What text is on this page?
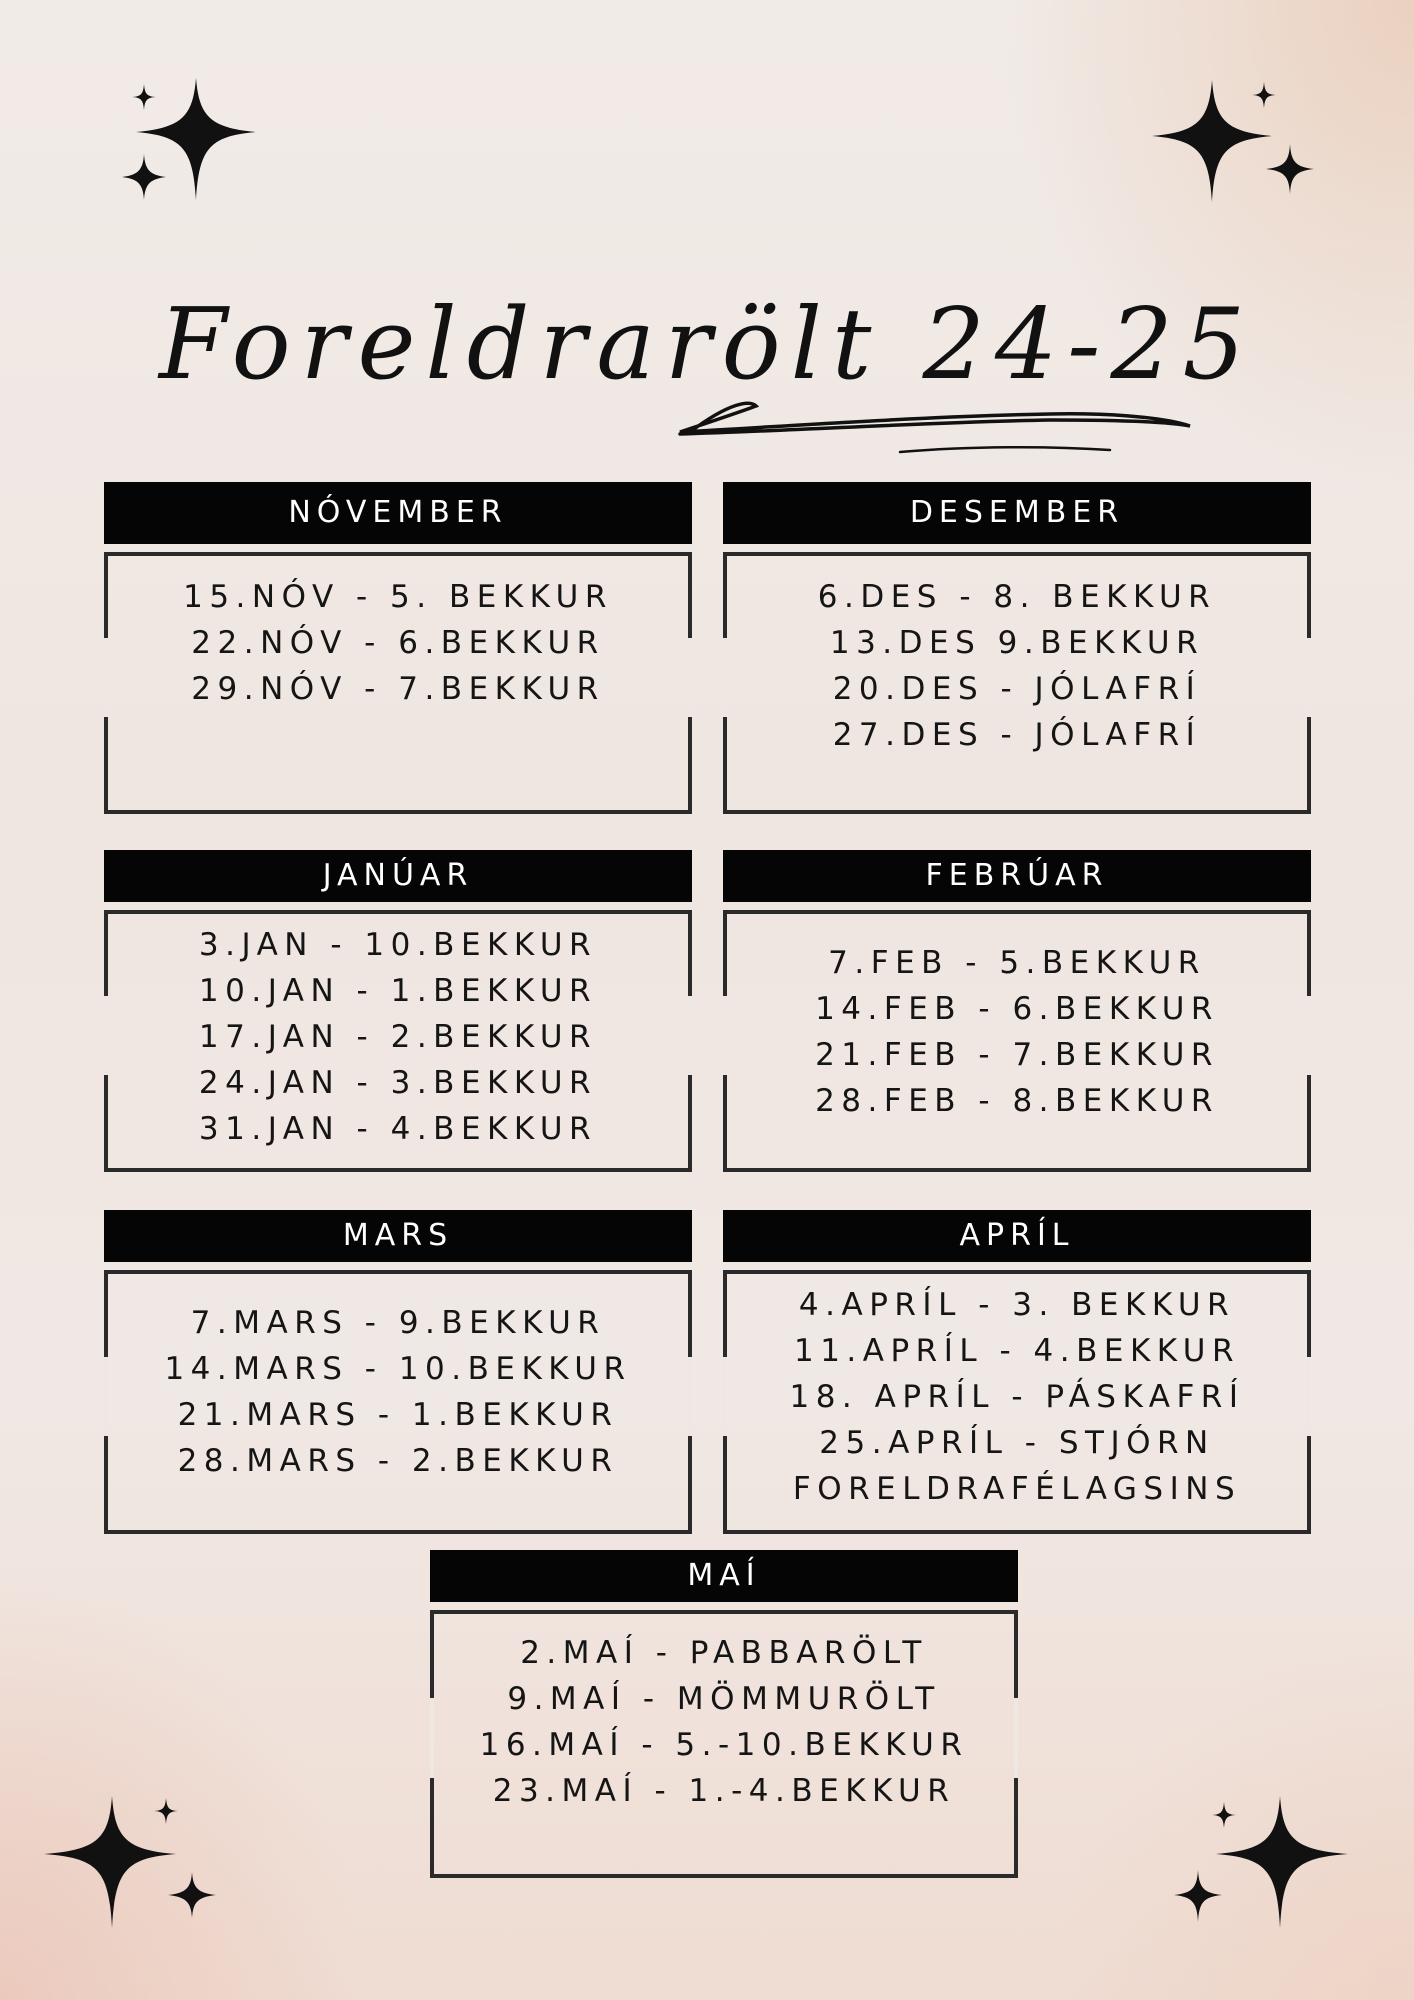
Foreldrarölt 24-25
NÓVEMBER
15.NÓV - 5. BEKKUR
22.NÓV - 6.BEKKUR
29.NÓV - 7.BEKKUR
DESEMBER
6.DES - 8. BEKKUR
13.DES 9.BEKKUR
20.DES - JÓLAFRÍ
27.DES - JÓLAFRÍ
JANÚAR
3.JAN - 10.BEKKUR
10.JAN - 1.BEKKUR
17.JAN - 2.BEKKUR
24.JAN - 3.BEKKUR
31.JAN - 4.BEKKUR
FEBRÚAR
7.FEB - 5.BEKKUR
14.FEB - 6.BEKKUR
21.FEB - 7.BEKKUR
28.FEB - 8.BEKKUR
MARS
7.MARS - 9.BEKKUR
14.MARS - 10.BEKKUR
21.MARS - 1.BEKKUR
28.MARS - 2.BEKKUR
APRÍL
4.APRÍL - 3. BEKKUR
11.APRÍL - 4.BEKKUR
18. APRÍL - PÁSKAFRÍ
25.APRÍL - STJÓRN
FORELDRAFÉLAGSINS
MAÍ
2.MAÍ - PABBARÖLT
9.MAÍ - MÖMMURÖLT
16.MAÍ - 5.-10.BEKKUR
23.MAÍ - 1.-4.BEKKUR
